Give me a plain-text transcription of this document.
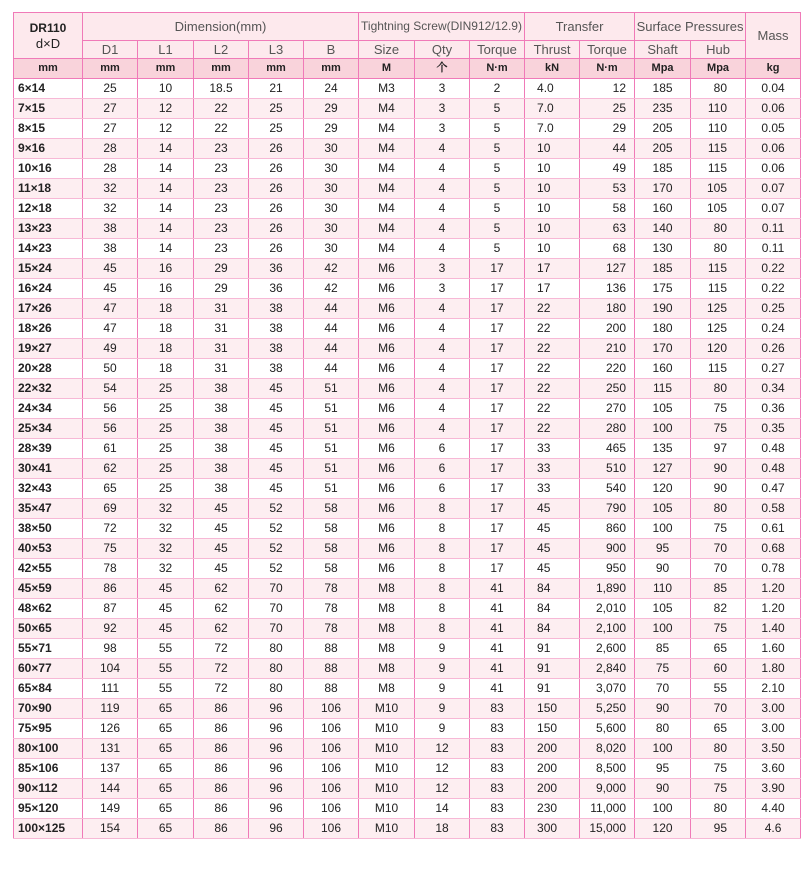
DR110
d×D	Dimension(mm)					Tightning Screw(DIN912/12.9)			Transfer		Surface Pressures		Mass
	D1	L1	L2	L3	B	Size	Qty	Torque	Thrust	Torque	Shaft	Hub	
mm	mm	mm	mm	mm	mm	M	个	N·m	kN	N·m	Mpa	Mpa	kg
6×14	25	10	18.5	21	24	M3	3	2	4.0	12	185	80	0.04
7×15	27	12	22	25	29	M4	3	5	7.0	25	235	110	0.06
8×15	27	12	22	25	29	M4	3	5	7.0	29	205	110	0.05
9×16	28	14	23	26	30	M4	4	5	10	44	205	115	0.06
10×16	28	14	23	26	30	M4	4	5	10	49	185	115	0.06
11×18	32	14	23	26	30	M4	4	5	10	53	170	105	0.07
12×18	32	14	23	26	30	M4	4	5	10	58	160	105	0.07
13×23	38	14	23	26	30	M4	4	5	10	63	140	80	0.11
14×23	38	14	23	26	30	M4	4	5	10	68	130	80	0.11
15×24	45	16	29	36	42	M6	3	17	17	127	185	115	0.22
16×24	45	16	29	36	42	M6	3	17	17	136	175	115	0.22
17×26	47	18	31	38	44	M6	4	17	22	180	190	125	0.25
18×26	47	18	31	38	44	M6	4	17	22	200	180	125	0.24
19×27	49	18	31	38	44	M6	4	17	22	210	170	120	0.26
20×28	50	18	31	38	44	M6	4	17	22	220	160	115	0.27
22×32	54	25	38	45	51	M6	4	17	22	250	115	80	0.34
24×34	56	25	38	45	51	M6	4	17	22	270	105	75	0.36
25×34	56	25	38	45	51	M6	4	17	22	280	100	75	0.35
28×39	61	25	38	45	51	M6	6	17	33	465	135	97	0.48
30×41	62	25	38	45	51	M6	6	17	33	510	127	90	0.48
32×43	65	25	38	45	51	M6	6	17	33	540	120	90	0.47
35×47	69	32	45	52	58	M6	8	17	45	790	105	80	0.58
38×50	72	32	45	52	58	M6	8	17	45	860	100	75	0.61
40×53	75	32	45	52	58	M6	8	17	45	900	95	70	0.68
42×55	78	32	45	52	58	M6	8	17	45	950	90	70	0.78
45×59	86	45	62	70	78	M8	8	41	84	1,890	110	85	1.20
48×62	87	45	62	70	78	M8	8	41	84	2,010	105	82	1.20
50×65	92	45	62	70	78	M8	8	41	84	2,100	100	75	1.40
55×71	98	55	72	80	88	M8	9	41	91	2,600	85	65	1.60
60×77	104	55	72	80	88	M8	9	41	91	2,840	75	60	1.80
65×84	111	55	72	80	88	M8	9	41	91	3,070	70	55	2.10
70×90	119	65	86	96	106	M10	9	83	150	5,250	90	70	3.00
75×95	126	65	86	96	106	M10	9	83	150	5,600	80	65	3.00
80×100	131	65	86	96	106	M10	12	83	200	8,020	100	80	3.50
85×106	137	65	86	96	106	M10	12	83	200	8,500	95	75	3.60
90×112	144	65	86	96	106	M10	12	83	200	9,000	90	75	3.90
95×120	149	65	86	96	106	M10	14	83	230	11,000	100	80	4.40
100×125	154	65	86	96	106	M10	18	83	300	15,000	120	95	4.6
